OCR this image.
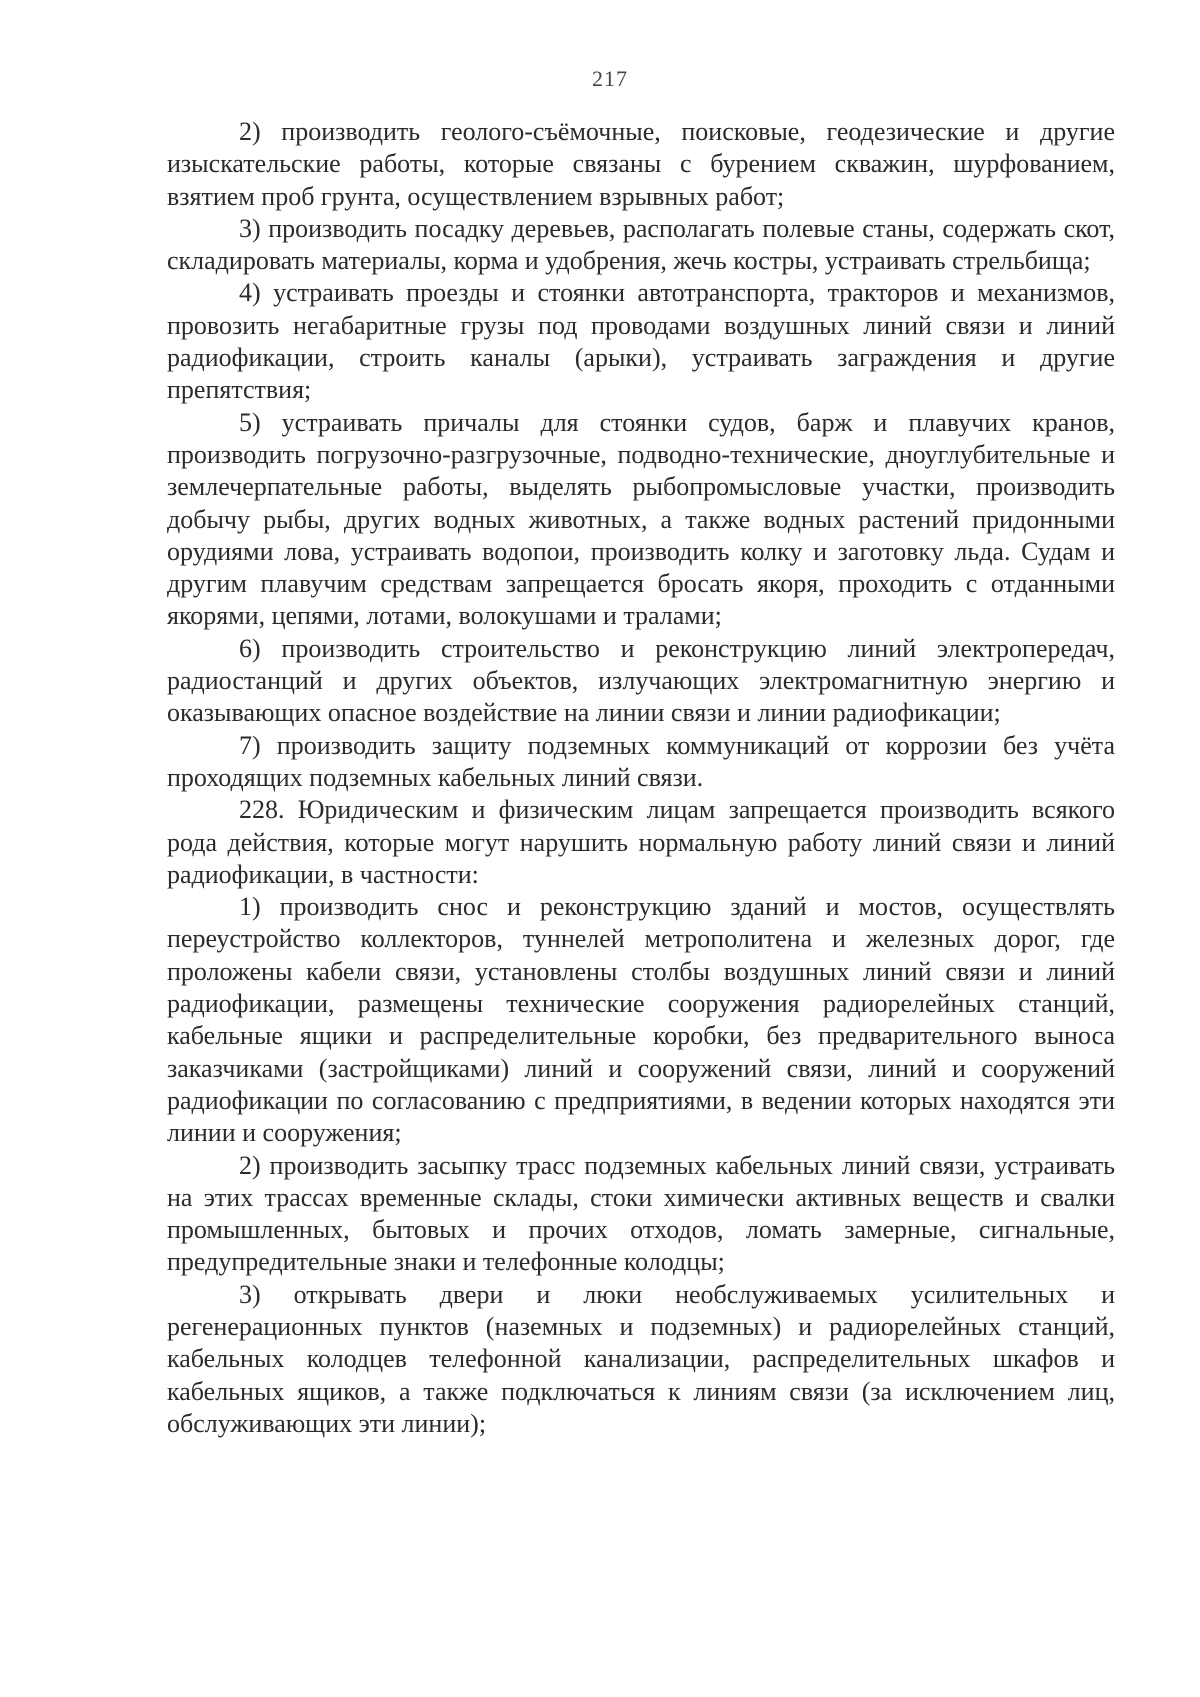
217

2) производить геолого-съёмочные, поисковые, геодезические и другие изыскательские работы, которые связаны с бурением скважин, шурфованием, взятием проб грунта, осуществлением взрывных работ;

3) производить посадку деревьев, располагать полевые станы, содержать скот, складировать материалы, корма и удобрения, жечь костры, устраивать стрельбища;

4) устраивать проезды и стоянки автотранспорта, тракторов и механизмов, провозить негабаритные грузы под проводами воздушных линий связи и линий радиофикации, строить каналы (арыки), устраивать заграждения и другие препятствия;

5) устраивать причалы для стоянки судов, барж и плавучих кранов, производить погрузочно-разгрузочные, подводно-технические, дноуглубительные и землечерпательные работы, выделять рыбопромысловые участки, производить добычу рыбы, других водных животных, а также водных растений придонными орудиями лова, устраивать водопои, производить колку и заготовку льда. Судам и другим плавучим средствам запрещается бросать якоря, проходить с отданными якорями, цепями, лотами, волокушами и тралами;

6) производить строительство и реконструкцию линий электропередач, радиостанций и других объектов, излучающих электромагнитную энергию и оказывающих опасное воздействие на линии связи и линии радиофикации;

7) производить защиту подземных коммуникаций от коррозии без учёта проходящих подземных кабельных линий связи.

228. Юридическим и физическим лицам запрещается производить всякого рода действия, которые могут нарушить нормальную работу линий связи и линий радиофикации, в частности:

1) производить снос и реконструкцию зданий и мостов, осуществлять переустройство коллекторов, туннелей метрополитена и железных дорог, где проложены кабели связи, установлены столбы воздушных линий связи и линий радиофикации, размещены технические сооружения радиорелейных станций, кабельные ящики и распределительные коробки, без предварительного выноса заказчиками (застройщиками) линий и сооружений связи, линий и сооружений радиофикации по согласованию с предприятиями, в ведении которых находятся эти линии и сооружения;

2) производить засыпку трасс подземных кабельных линий связи, устраивать на этих трассах временные склады, стоки химически активных веществ и свалки промышленных, бытовых и прочих отходов, ломать замерные, сигнальные, предупредительные знаки и телефонные колодцы;

3) открывать двери и люки необслуживаемых усилительных и регенерационных пунктов (наземных и подземных) и радиорелейных станций, кабельных колодцев телефонной канализации, распределительных шкафов и кабельных ящиков, а также подключаться к линиям связи (за исключением лиц, обслуживающих эти линии);
